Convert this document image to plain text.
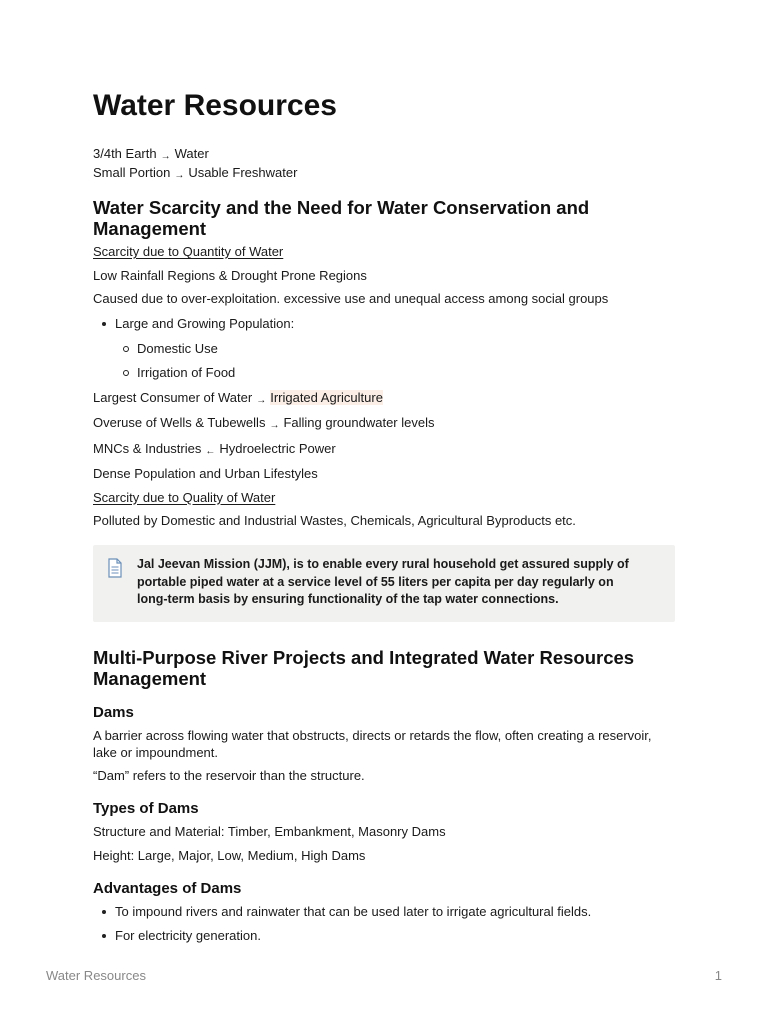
Water Resources
3/4th Earth → Water
Small Portion → Usable Freshwater
Water Scarcity and the Need for Water Conservation and Management

Scarcity due to Quantity of Water

Low Rainfall Regions & Drought Prone Regions

Caused due to over-exploitation. excessive use and unequal access among social groups

Large and Growing Population:
Domestic Use
Irrigation of Food

Largest Consumer of Water → Irrigated Agriculture

Overuse of Wells & Tubewells → Falling groundwater levels

MNCs & Industries ← Hydroelectric Power

Dense Population and Urban Lifestyles

Scarcity due to Quality of Water

Polluted by Domestic and Industrial Wastes, Chemicals, Agricultural Byproducts etc.

Jal Jeevan Mission (JJM), is to enable every rural household get assured supply of portable piped water at a service level of 55 liters per capita per day regularly on long-term basis by ensuring functionality of the tap water connections.

Multi-Purpose River Projects and Integrated Water Resources Management
Dams

A barrier across flowing water that obstructs, directs or retards the flow, often creating a reservoir, lake or impoundment.

“Dam” refers to the reservoir than the structure.

Types of Dams

Structure and Material: Timber, Embankment, Masonry Dams

Height: Large, Major, Low, Medium, High Dams

Advantages of Dams
To impound rivers and rainwater that can be used later to irrigate agricultural fields.
For electricity generation.
Water Resources	1
